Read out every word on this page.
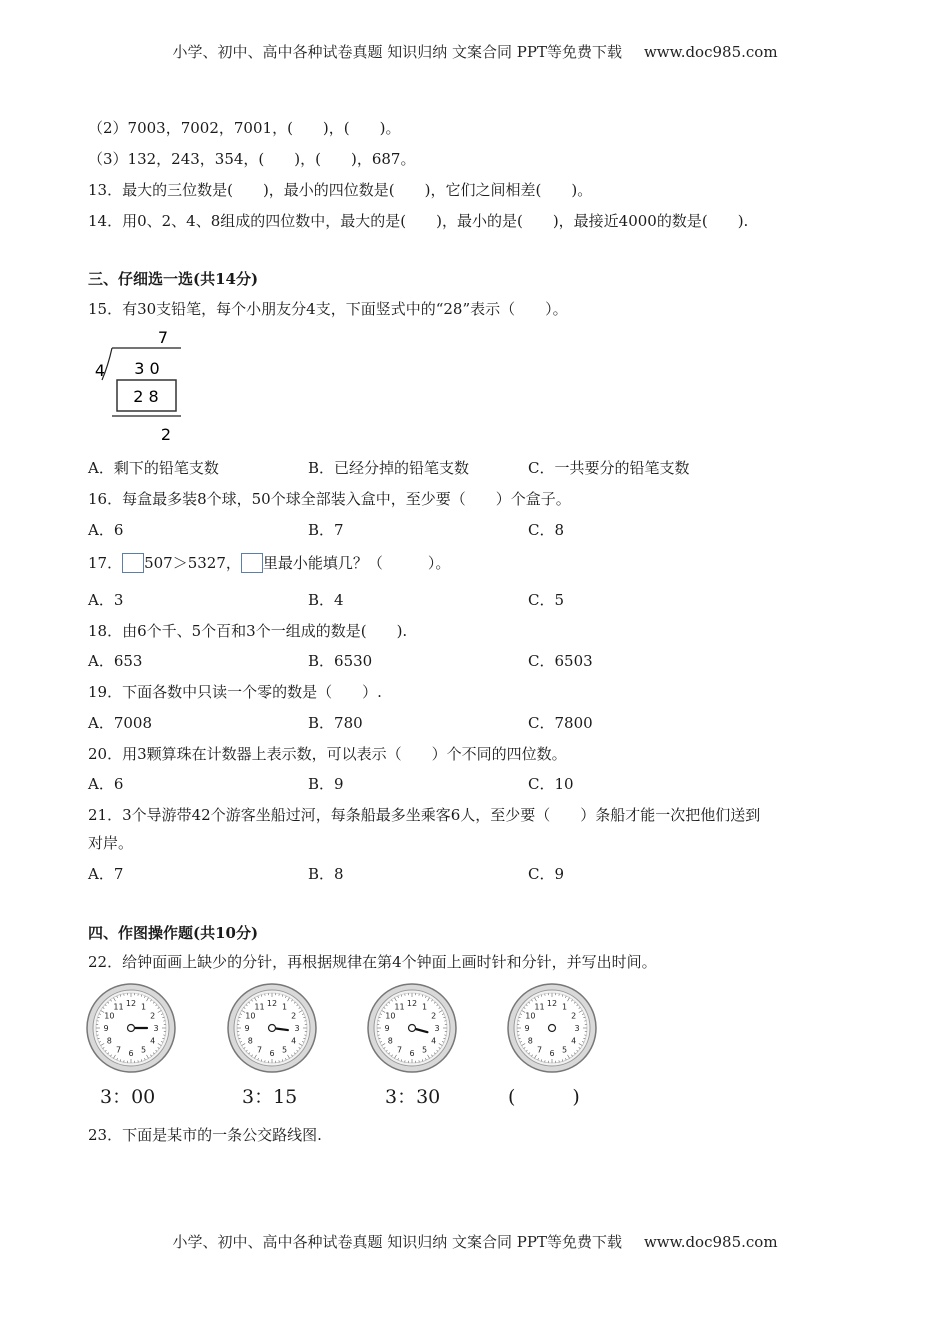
小学、初中、高中各种试卷真题 知识归纳 文案合同 PPT等免费下载 www.doc985.com
（2）7003，7002，7001，(　　)，(　　)。
（3）132，243，354，(　　)，(　　)，687。
13．最大的三位数是(　　)，最小的四位数是(　　)，它们之间相差(　　)。
14．用0、2、4、8组成的四位数中，最大的是(　　)，最小的是(　　)，最接近4000的数是(　　).
三、仔细选一选(共14分)
15．有30支铅笔，每个小朋友分4支，下面竖式中的“28”表示（　　）。
7
4 3 0
2 8
2
A．剩下的铅笔支数	B．已经分掉的铅笔支数	C．一共要分的铅笔支数
16．每盒最多装8个球，50个球全部装入盒中，至少要（　　）个盒子。
A．6	B．7	C．8
17． 507＞5327， 里最小能填几？（　　　）。
A．3	B．4	C．5
18．由6个千、5个百和3个一组成的数是(　　).
A．653	B．6530	C．6503
19．下面各数中只读一个零的数是（　　）.
A．7008	B．780	C．7800
20．用3颗算珠在计数器上表示数，可以表示（　　）个不同的四位数。
A．6	B．9	C．10
21．3个导游带42个游客坐船过河，每条船最多坐乘客6人，至少要（　　）条船才能一次把他们送到
对岸。
A．7	B．8	C．9
四、作图操作题(共10分)
22．给钟面画上缺少的分针，再根据规律在第4个钟面上画时针和分针，并写出时间。
12 1
2
3
4
5
6
7
8
9
10
11	12 1
2
3
4
5
6
7
8
9
10
11	12 1
2
3
4
5
6
7
8
9
10
11	12 1
2
3
4
5
6
7
8
9
10
11
3：00	3：15	3：30	(　　　)
23．下面是某市的一条公交路线图.
小学、初中、高中各种试卷真题 知识归纳 文案合同 PPT等免费下载 www.doc985.com
